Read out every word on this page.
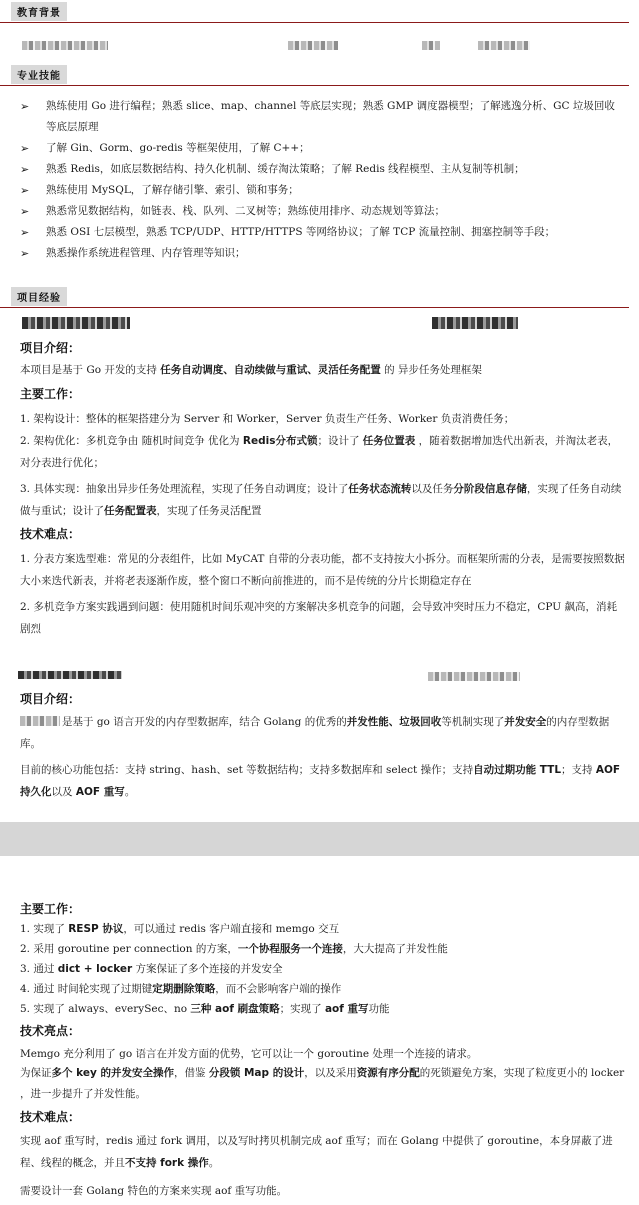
教育背景
专业技能
➢ 熟练使用 Go 进行编程；熟悉 slice、map、channel 等底层实现；熟悉 GMP 调度器模型；了解逃逸分析、GC 垃圾回收等底层原理
➢ 了解 Gin、Gorm、go-redis 等框架使用，了解 C++；
➢ 熟悉 Redis，如底层数据结构、持久化机制、缓存淘汰策略；了解 Redis 线程模型、主从复制等机制；
➢ 熟练使用 MySQL，了解存储引擎、索引、锁和事务；
➢ 熟悉常见数据结构，如链表、栈、队列、二叉树等；熟练使用排序、动态规划等算法；
➢ 熟悉 OSI 七层模型，熟悉 TCP/UDP、HTTP/HTTPS 等网络协议；了解 TCP 流量控制、拥塞控制等手段；
➢ 熟悉操作系统进程管理、内存管理等知识；
项目经验
项目介绍：
本项目是基于 Go 开发的支持 任务自动调度、自动续做与重试、灵活任务配置 的 异步任务处理框架
主要工作：
1. 架构设计：整体的框架搭建分为 Server 和 Worker，Server 负责生产任务、Worker 负责消费任务；
2. 架构优化：多机竞争由 随机时间竞争 优化为 Redis分布式锁；设计了 任务位置表 ，随着数据增加迭代出新表，并淘汰老表，对分表进行优化；
3. 具体实现：抽象出异步任务处理流程，实现了任务自动调度；设计了任务状态流转以及任务分阶段信息存储，实现了任务自动续做与重试；设计了任务配置表，实现了任务灵活配置
技术难点：
1. 分表方案选型难：常见的分表组件，比如 MyCAT 自带的分表功能，都不支持按大小拆分。而框架所需的分表，是需要按照数据大小来迭代新表，并将老表逐渐作废，整个窗口不断向前推进的，而不是传统的分片长期稳定存在
2. 多机竞争方案实践遇到问题：使用随机时间乐观冲突的方案解决多机竞争的问题，会导致冲突时压力不稳定，CPU 飙高，消耗剧烈
项目介绍：
是基于 go 语言开发的内存型数据库，结合 Golang 的优秀的并发性能、垃圾回收等机制实现了并发安全的内存型数据库。
目前的核心功能包括：支持 string、hash、set 等数据结构；支持多数据库和 select 操作；支持自动过期功能 TTL；支持 AOF 持久化以及 AOF 重写。
主要工作：
1. 实现了 RESP 协议，可以通过 redis 客户端直接和 memgo 交互
2. 采用 goroutine per connection 的方案，一个协程服务一个连接，大大提高了并发性能
3. 通过 dict + locker 方案保证了多个连接的并发安全
4. 通过 时间轮实现了过期键定期删除策略，而不会影响客户端的操作
5. 实现了 always、everySec、no 三种 aof 刷盘策略；实现了 aof 重写功能
技术亮点：
Memgo 充分利用了 go 语言在并发方面的优势，它可以让一个 goroutine 处理一个连接的请求。
为保证多个 key 的并发安全操作，借鉴 分段锁 Map 的设计，以及采用资源有序分配的死锁避免方案，实现了粒度更小的 locker ，进一步提升了并发性能。
技术难点：
实现 aof 重写时，redis 通过 fork 调用，以及写时拷贝机制完成 aof 重写；而在 Golang 中提供了 goroutine，本身屏蔽了进程、线程的概念，并且不支持 fork 操作。
需要设计一套 Golang 特色的方案来实现 aof 重写功能。
